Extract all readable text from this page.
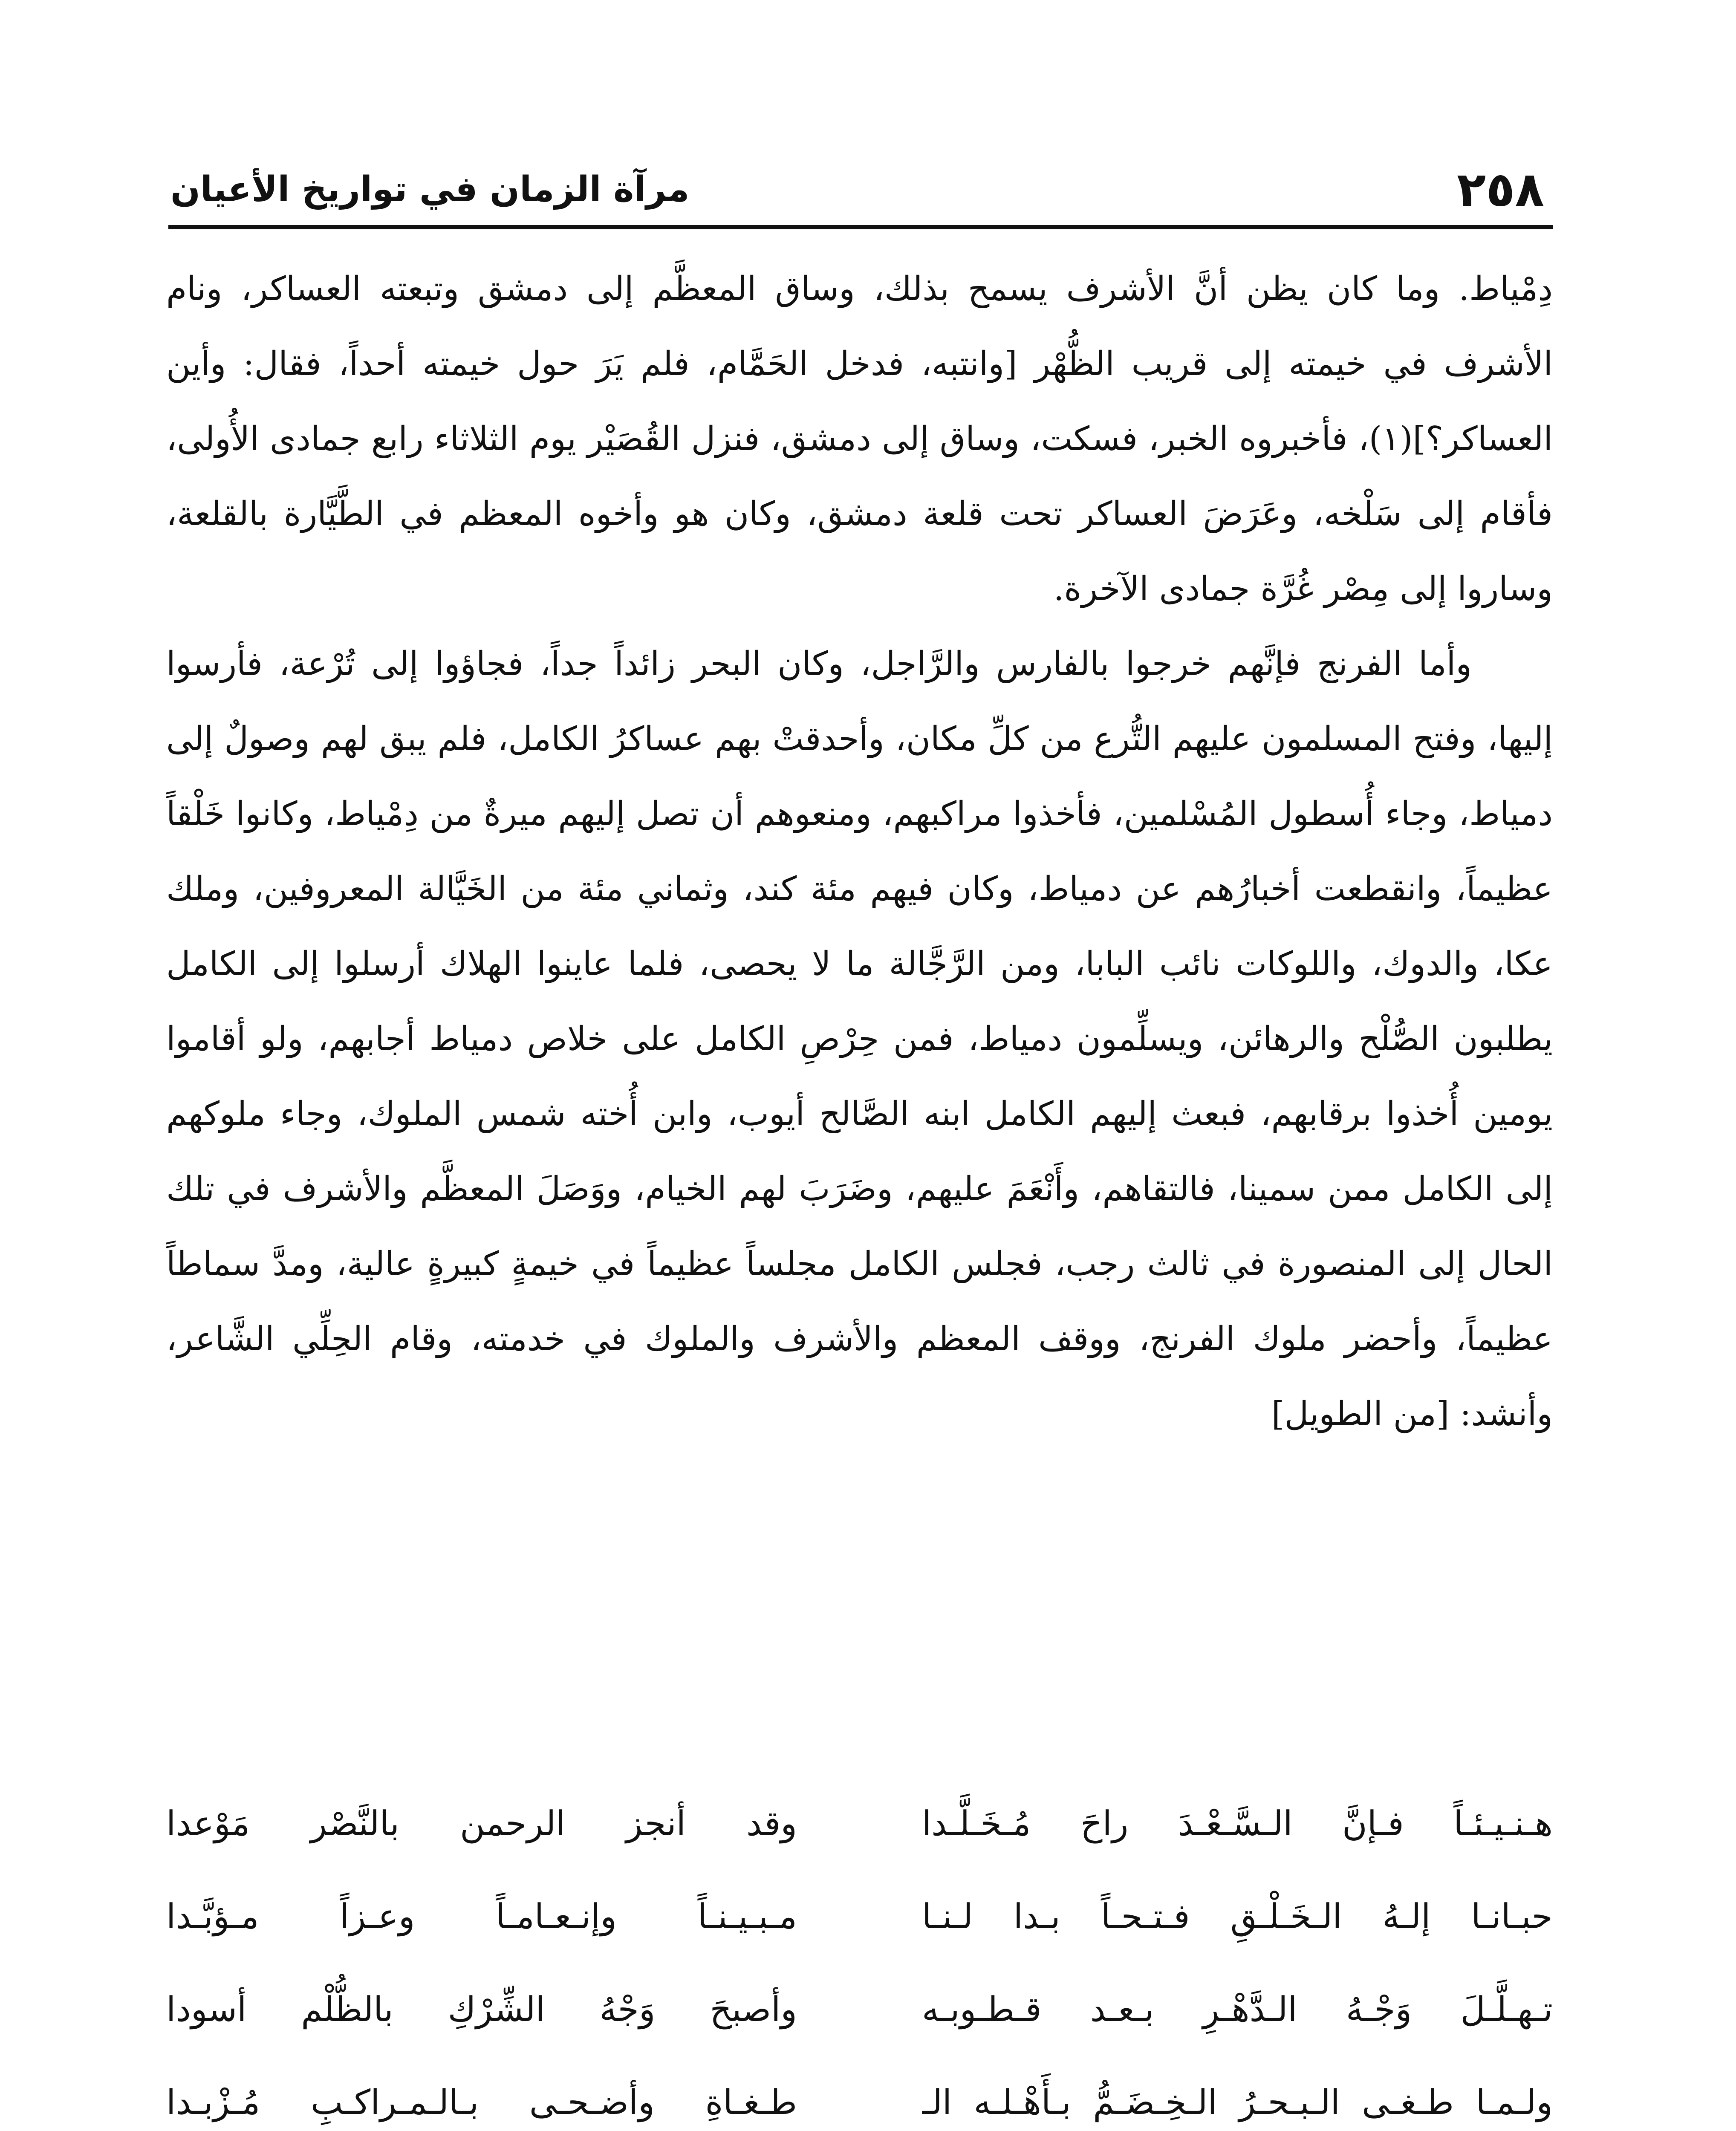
٢٥٨
مرآة الزمان في تواريخ الأعيان

دِمْياط. وما كان يظن أنَّ الأشرف يسمح بذلك، وساق المعظَّم إلى دمشق وتبعته العساكر، ونام الأشرف في خيمته إلى قريب الظُّهْر [وانتبه، فدخل الحَمَّام، فلم يَرَ حول خيمته أحداً، فقال: وأين العساكر؟](١)، فأخبروه الخبر، فسكت، وساق إلى دمشق، فنزل القُصَيْر يوم الثلاثاء رابع جمادى الأُولى، فأقام إلى سَلْخه، وعَرَضَ العساكر تحت قلعة دمشق، وكان هو وأخوه المعظم في الطَّيَّارة بالقلعة، وساروا إلى مِصْر غُرَّة جمادى الآخرة.

وأما الفرنج فإنَّهم خرجوا بالفارس والرَّاجل، وكان البحر زائداً جداً، فجاؤوا إلى تُرْعة، فأرسوا إليها، وفتح المسلمون عليهم التُّرع من كلِّ مكان، وأحدقتْ بهم عساكرُ الكامل، فلم يبق لهم وصولٌ إلى دمياط، وجاء أُسطول المُسْلمين، فأخذوا مراكبهم، ومنعوهم أن تصل إليهم ميرةٌ من دِمْياط، وكانوا خَلْقاً عظيماً، وانقطعت أخبارُهم عن دمياط، وكان فيهم مئة كند، وثماني مئة من الخَيَّالة المعروفين، وملك عكا، والدوك، واللوكات نائب البابا، ومن الرَّجَّالة ما لا يحصى، فلما عاينوا الهلاك أرسلوا إلى الكامل يطلبون الصُّلْح والرهائن، ويسلِّمون دمياط، فمن حِرْصِ الكامل على خلاص دمياط أجابهم، ولو أقاموا يومين أُخذوا برقابهم، فبعث إليهم الكامل ابنه الصَّالح أيوب، وابن أُخته شمس الملوك، وجاء ملوكهم إلى الكامل ممن سمينا، فالتقاهم، وأَنْعَمَ عليهم، وضَرَبَ لهم الخيام، ووَصَلَ المعظَّم والأشرف في تلك الحال إلى المنصورة في ثالث رجب، فجلس الكامل مجلساً عظيماً في خيمةٍ كبيرةٍ عالية، ومدَّ سماطاً عظيماً، وأحضر ملوك الفرنج، ووقف المعظم والأشرف والملوك في خدمته، وقام الحِلِّي الشَّاعر، وأنشد: [من الطويل]

هـنـيـئـاً فـإنَّ الـسَّـعْـدَ راحَ مُـخَـلَّـدا
وقد أنجز الرحمن بالنَّصْر مَوْعدا
حبـانـا إلـهُ الـخَـلْـقِ فـتـحـاً بـدا لـنـا
مـبـيـنـاً وإنـعـامـاً وعـزاً مـؤبَّـدا
تـهـلَّـلَ وَجْـهُ الـدَّهْـرِ بـعـد قـطـوبـه
وأصبحَ وَجْهُ الشِّرْكِ بالظُّلْم أسودا
ولـمـا طـغـى الـبـحـرُ الـخِـضَـمُّ بـأَهْـلـه الـ
طـغـاةِ وأضـحـى بـالـمـراكـبِ مُـزْبـدا
